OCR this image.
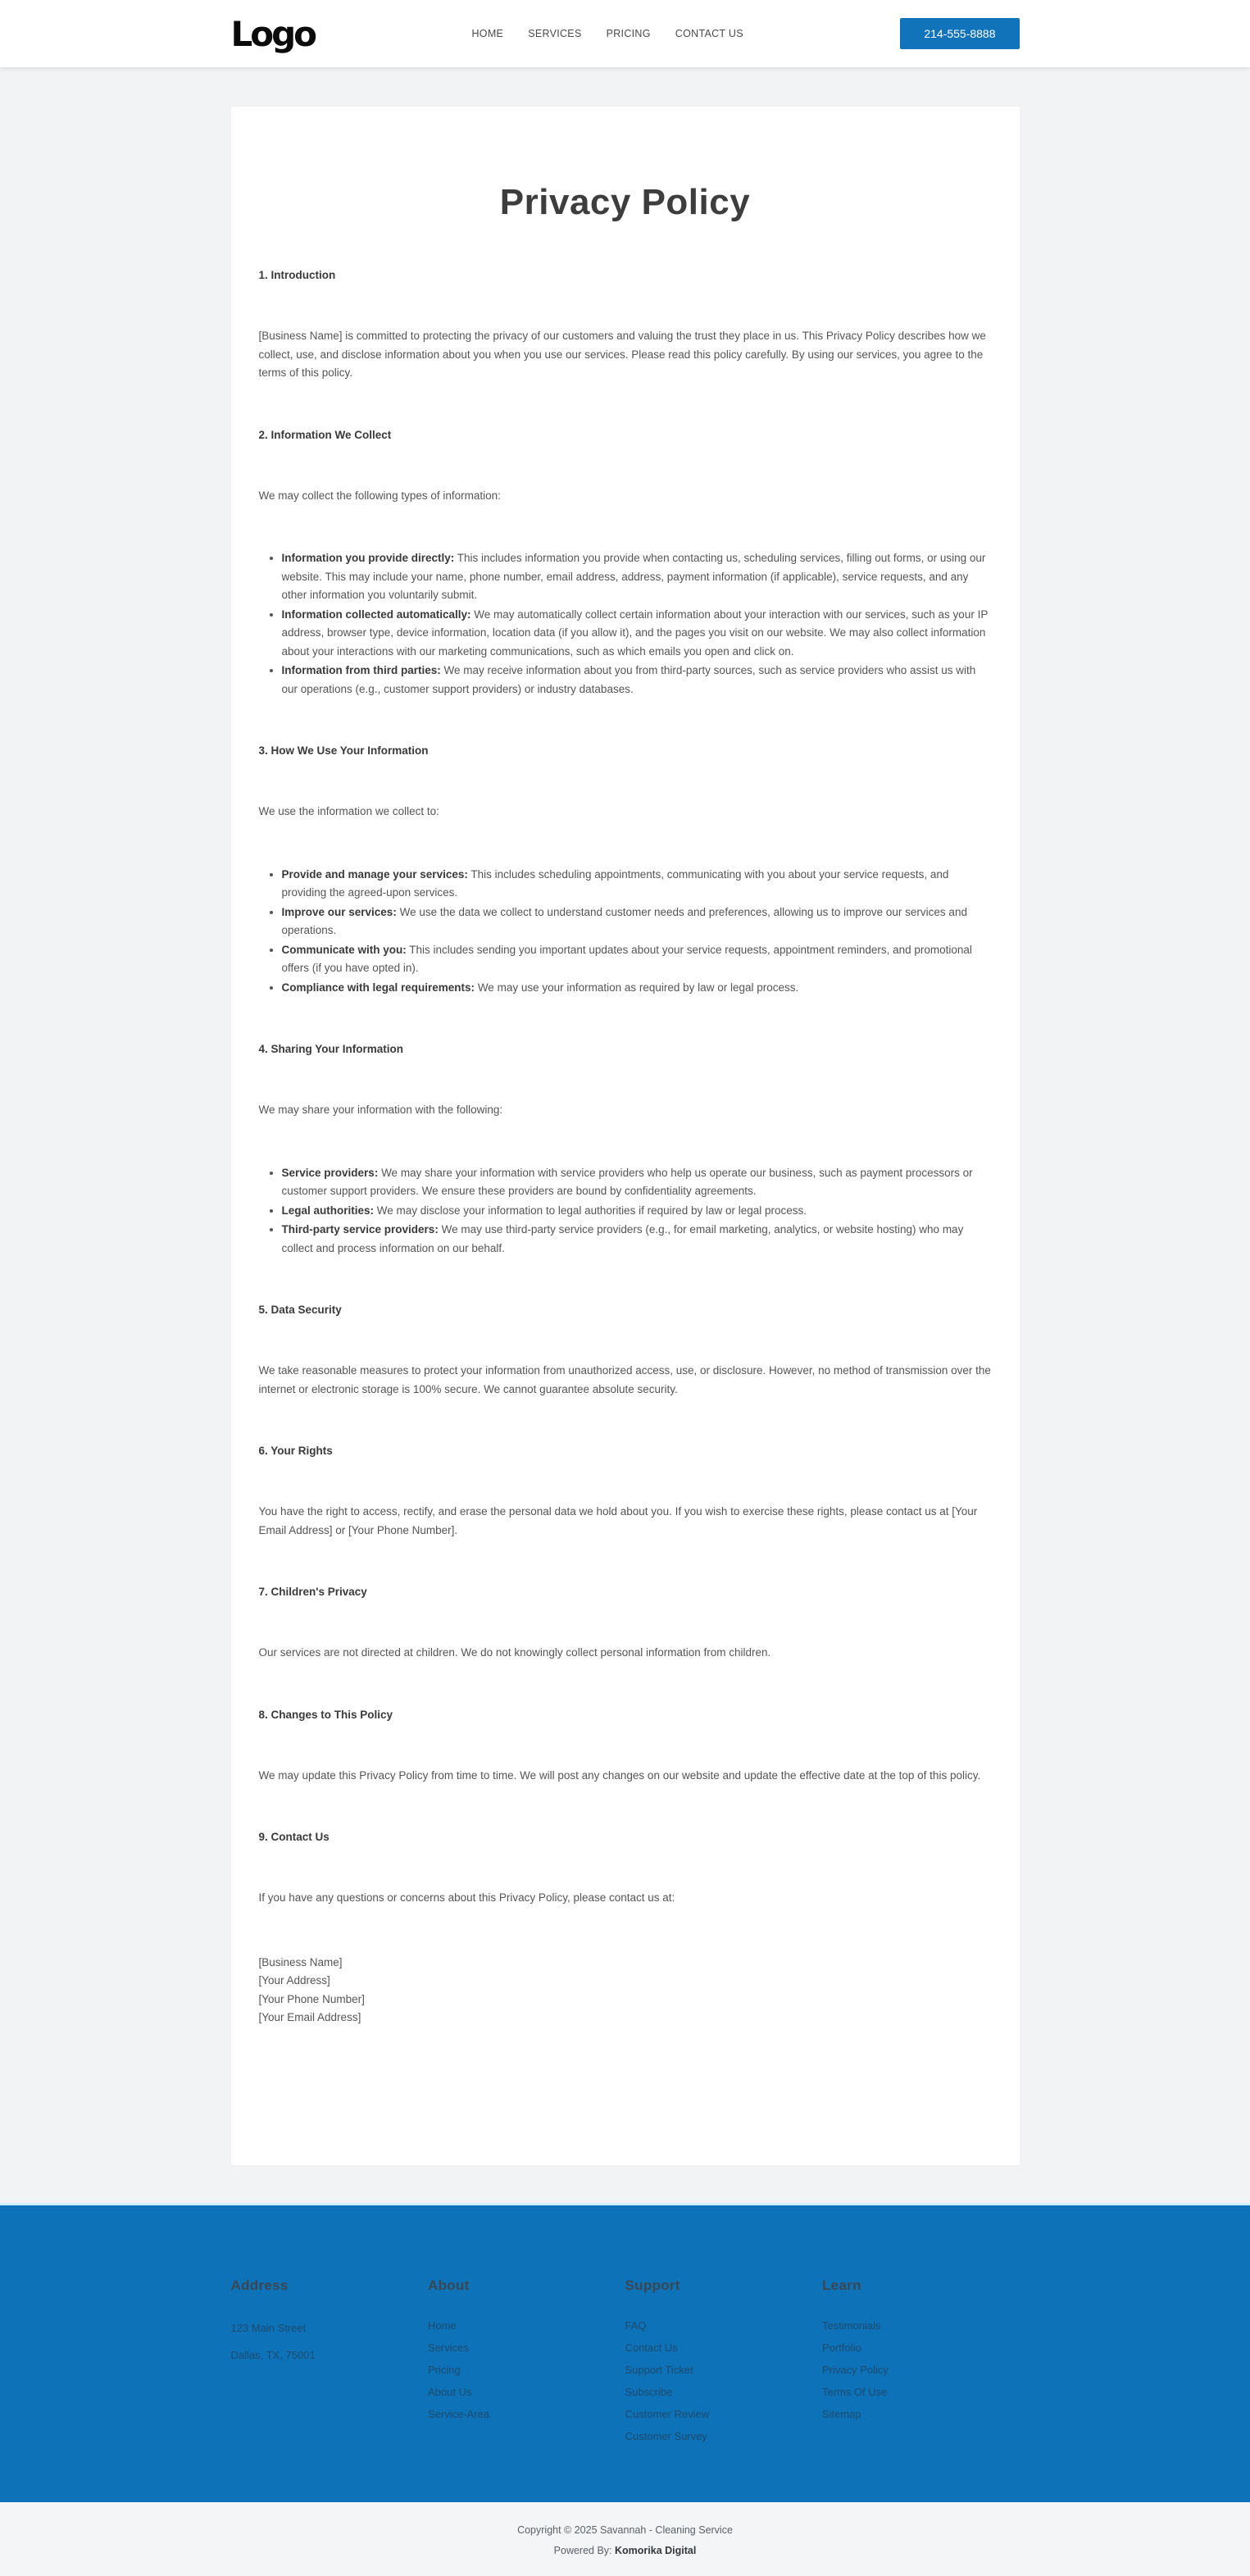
Logo	HOME SERVICES PRICING CONTACT US	214-555-8888
Privacy Policy
1. Introduction

[Business Name] is committed to protecting the privacy of our customers and valuing the trust they place in us. This Privacy Policy describes how we collect, use, and disclose information about you when you use our services. Please read this policy carefully. By using our services, you agree to the terms of this policy.

2. Information We Collect

We may collect the following types of information:

• Information you provide directly: This includes information you provide when contacting us, scheduling services, filling out forms, or using our website. This may include your name, phone number, email address, address, payment information (if applicable), service requests, and any other information you voluntarily submit.
• Information collected automatically: We may automatically collect certain information about your interaction with our services, such as your IP address, browser type, device information, location data (if you allow it), and the pages you visit on our website. We may also collect information about your interactions with our marketing communications, such as which emails you open and click on.
• Information from third parties: We may receive information about you from third-party sources, such as service providers who assist us with our operations (e.g., customer support providers) or industry databases.
3. How We Use Your Information

We use the information we collect to:

• Provide and manage your services: This includes scheduling appointments, communicating with you about your service requests, and providing the agreed-upon services.
• Improve our services: We use the data we collect to understand customer needs and preferences, allowing us to improve our services and operations.
• Communicate with you: This includes sending you important updates about your service requests, appointment reminders, and promotional offers (if you have opted in).
• Compliance with legal requirements: We may use your information as required by law or legal process.
4. Sharing Your Information

We may share your information with the following:

• Service providers: We may share your information with service providers who help us operate our business, such as payment processors or customer support providers. We ensure these providers are bound by confidentiality agreements.
• Legal authorities: We may disclose your information to legal authorities if required by law or legal process.
• Third-party service providers: We may use third-party service providers (e.g., for email marketing, analytics, or website hosting) who may collect and process information on our behalf.
5. Data Security

We take reasonable measures to protect your information from unauthorized access, use, or disclosure. However, no method of transmission over the internet or electronic storage is 100% secure. We cannot guarantee absolute security.

6. Your Rights

You have the right to access, rectify, and erase the personal data we hold about you. If you wish to exercise these rights, please contact us at [Your Email Address] or [Your Phone Number].

7. Children's Privacy

Our services are not directed at children. We do not knowingly collect personal information from children.

8. Changes to This Policy

We may update this Privacy Policy from time to time. We will post any changes on our website and update the effective date at the top of this policy.

9. Contact Us

If you have any questions or concerns about this Privacy Policy, please contact us at:

[Business Name]
[Your Address]
[Your Phone Number]
[Your Email Address]
Address
123 Main Street
Dallas, TX, 75001
About
Home
Services
Pricing
About Us
Service-Area
Support
FAQ
Contact Us
Support Ticket
Subscribe
Customer Review
Customer Survey
Learn
Testimonials
Portfolio
Privacy Policy
Terms Of Use
Sitemap
Copyright © 2025 Savannah - Cleaning Service
Powered By: Komorika Digital
